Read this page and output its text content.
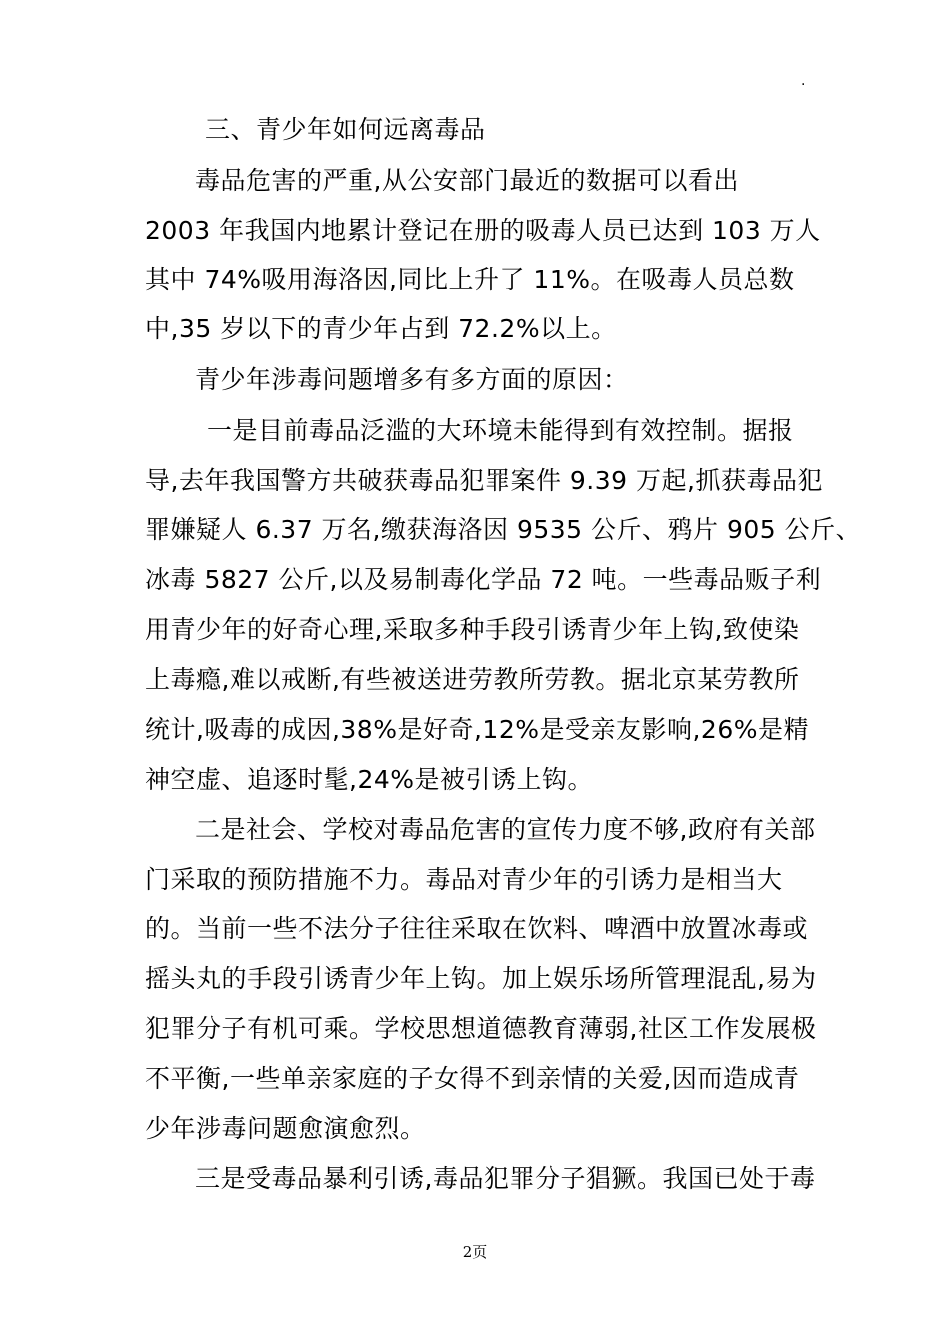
.
三、青少年如何远离毒品
毒品危害的严重,从公安部门最近的数据可以看出
2003 年我国内地累计登记在册的吸毒人员已达到 103 万人
其中 74%吸用海洛因,同比上升了 11%。在吸毒人员总数
中,35 岁以下的青少年占到 72.2%以上。
青少年涉毒问题增多有多方面的原因：
一是目前毒品泛滥的大环境未能得到有效控制。据报
导,去年我国警方共破获毒品犯罪案件 9.39 万起,抓获毒品犯
罪嫌疑人 6.37 万名,缴获海洛因 9535 公斤、鸦片 905 公斤、
冰毒 5827 公斤,以及易制毒化学品 72 吨。一些毒品贩子利
用青少年的好奇心理,采取多种手段引诱青少年上钩,致使染
上毒瘾,难以戒断,有些被送进劳教所劳教。据北京某劳教所
统计,吸毒的成因,38%是好奇,12%是受亲友影响,26%是精
神空虚、追逐时髦,24%是被引诱上钩。
二是社会、学校对毒品危害的宣传力度不够,政府有关部
门采取的预防措施不力。毒品对青少年的引诱力是相当大
的。当前一些不法分子往往采取在饮料、啤酒中放置冰毒或
摇头丸的手段引诱青少年上钩。加上娱乐场所管理混乱,易为
犯罪分子有机可乘。学校思想道德教育薄弱,社区工作发展极
不平衡,一些单亲家庭的子女得不到亲情的关爱,因而造成青
少年涉毒问题愈演愈烈。
三是受毒品暴利引诱,毒品犯罪分子猖獗。我国已处于毒
2页
